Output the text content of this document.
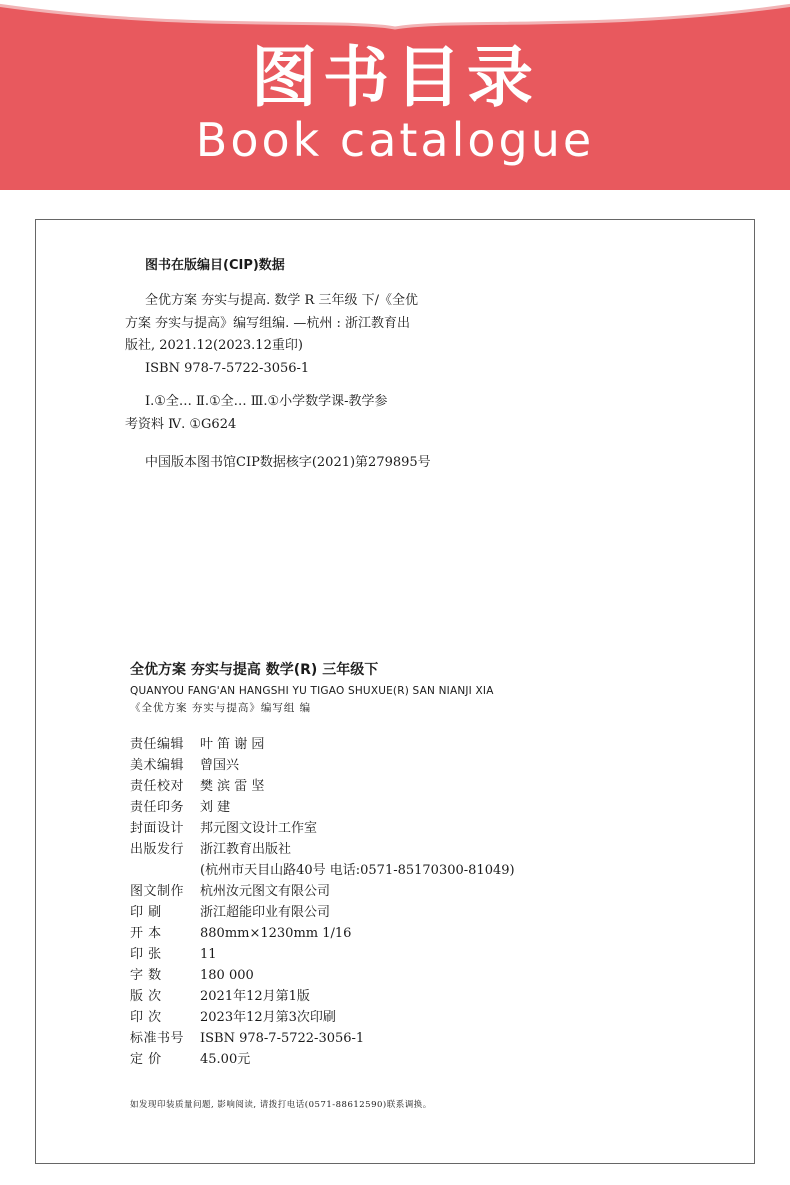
图书目录
Book catalogue
图书在版编目(CIP)数据
全优方案 夯实与提高. 数学 R 三年级 下/《全优
方案 夯实与提高》编写组编. —杭州 : 浙江教育出
版社, 2021.12(2023.12重印)
ISBN 978-7-5722-3056-1
Ⅰ.①全… Ⅱ.①全… Ⅲ.①小学数学课-教学参
考资料 Ⅳ. ①G624
中国版本图书馆CIP数据核字(2021)第279895号
全优方案 夯实与提高 数学(R) 三年级下
QUANYOU FANG'AN HANGSHI YU TIGAO SHUXUE(R) SAN NIANJI XIA
《全优方案 夯实与提高》编写组 编
责任编辑 叶 笛 谢 园
美术编辑 曾国兴
责任校对 樊 滨 雷 坚
责任印务 刘 建
封面设计 邦元图文设计工作室
出版发行 浙江教育出版社
(杭州市天目山路40号 电话:0571-85170300-81049)
图文制作 杭州汝元图文有限公司
印 刷	浙江超能印业有限公司
开 本	880mm×1230mm 1/16
印 张	11
字 数	180 000
版 次	2021年12月第1版
印 次	2023年12月第3次印刷
标准书号 ISBN 978-7-5722-3056-1
定 价	45.00元
如发现印装质量问题, 影响阅读, 请拨打电话(0571-88612590)联系调换。
